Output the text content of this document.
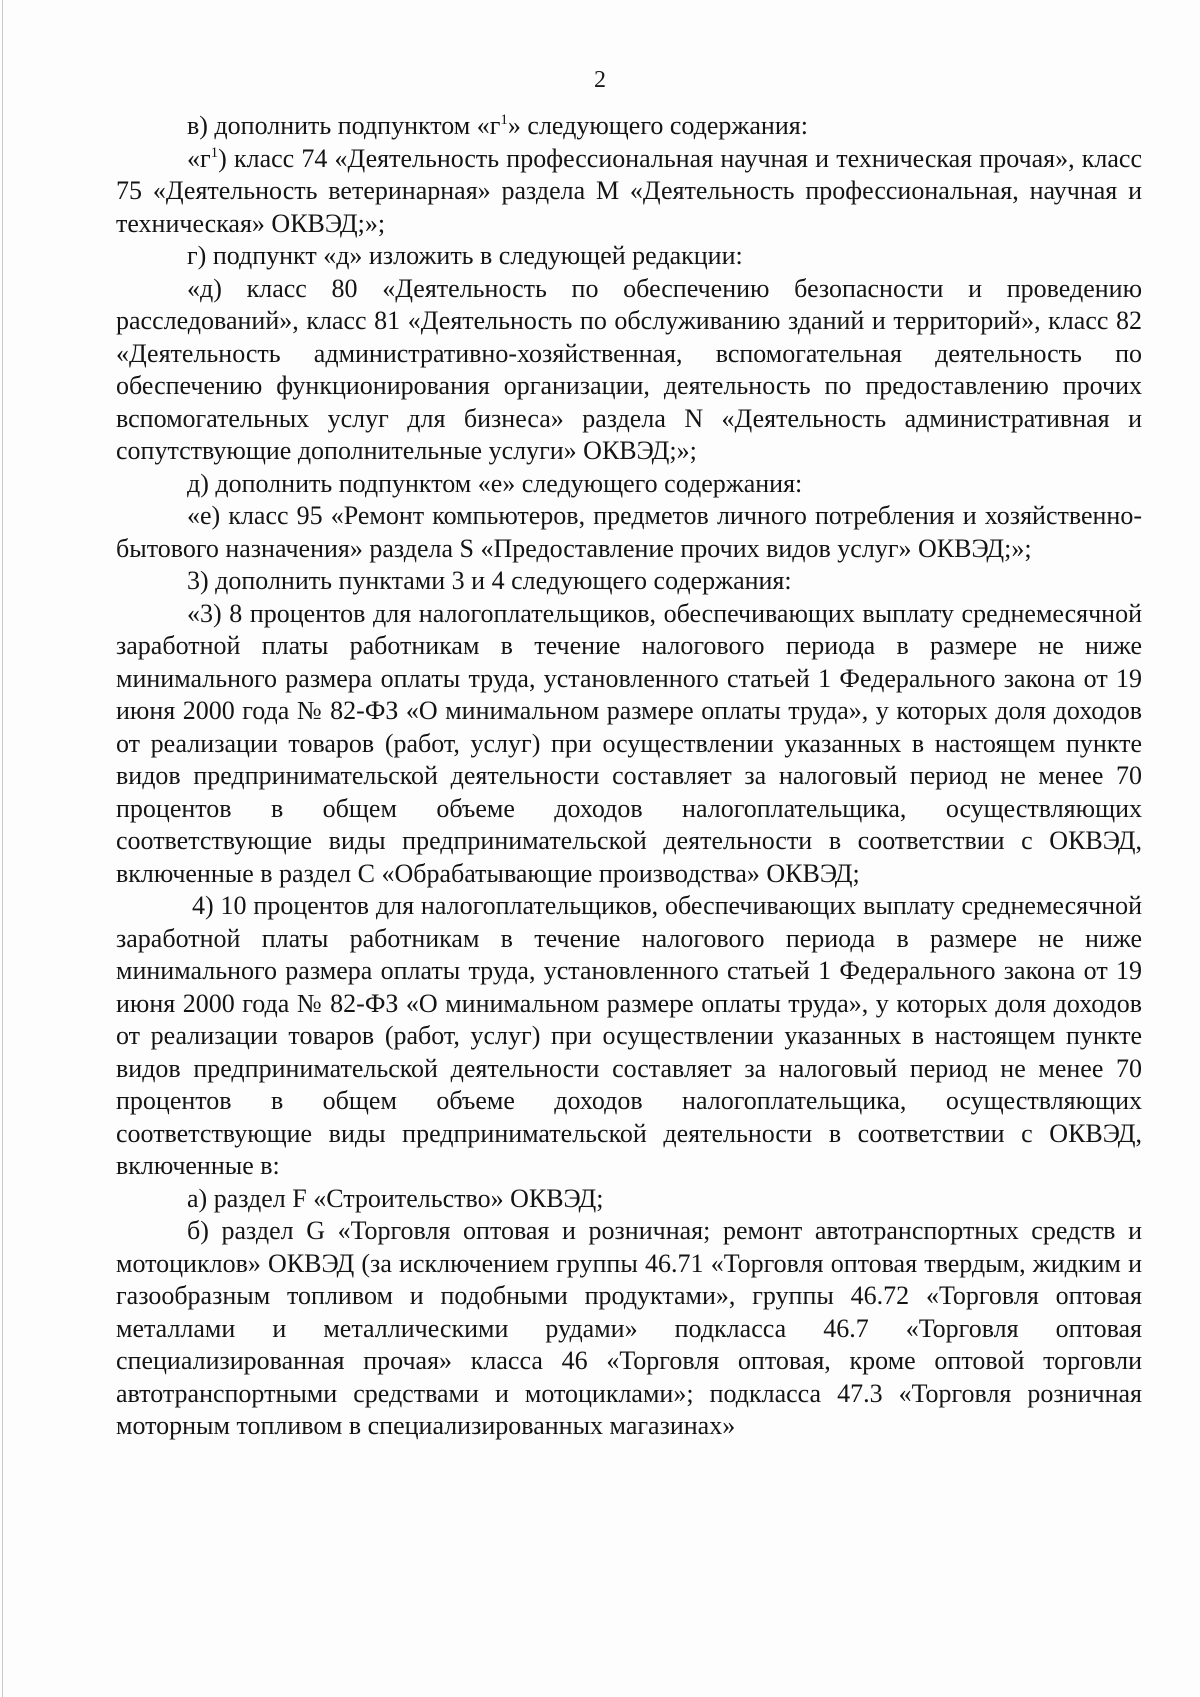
2

в) дополнить подпунктом «$г^1$» следующего содержания:

«$г^1$) класс 74 «Деятельность профессиональная научная и техническая прочая», класс 75 «Деятельность ветеринарная» раздела М «Деятельность профессиональная, научная и техническая» ОКВЭД;»;

г) подпункт «д» изложить в следующей редакции:

«д) класс 80 «Деятельность по обеспечению безопасности и проведению расследований», класс 81 «Деятельность по обслуживанию зданий и территорий», класс 82 «Деятельность административно-хозяйственная, вспомогательная деятельность по обеспечению функционирования организации, деятельность по предоставлению прочих вспомогательных услуг для бизнеса» раздела N «Деятельность административная и сопутствующие дополнительные услуги» ОКВЭД;»;

д) дополнить подпунктом «е» следующего содержания:

«е) класс 95 «Ремонт компьютеров, предметов личного потребления и хозяйственно-бытового назначения» раздела S «Предоставление прочих видов услуг» ОКВЭД;»;

3) дополнить пунктами 3 и 4 следующего содержания:

«3) 8 процентов для налогоплательщиков, обеспечивающих выплату среднемесячной заработной платы работникам в течение налогового периода в размере не ниже минимального размера оплаты труда, установленного статьей 1 Федерального закона от 19 июня 2000 года № 82-ФЗ «О минимальном размере оплаты труда», у которых доля доходов от реализации товаров (работ, услуг) при осуществлении указанных в настоящем пункте видов предпринимательской деятельности составляет за налоговый период не менее 70 процентов в общем объеме доходов налогоплательщика, осуществляющих соответствующие виды предпринимательской деятельности в соответствии с ОКВЭД, включенные в раздел С «Обрабатывающие производства» ОКВЭД;

4) 10 процентов для налогоплательщиков, обеспечивающих выплату среднемесячной заработной платы работникам в течение налогового периода в размере не ниже минимального размера оплаты труда, установленного статьей 1 Федерального закона от 19 июня 2000 года № 82-ФЗ «О минимальном размере оплаты труда», у которых доля доходов от реализации товаров (работ, услуг) при осуществлении указанных в настоящем пункте видов предпринимательской деятельности составляет за налоговый период не менее 70 процентов в общем объеме доходов налогоплательщика, осуществляющих соответствующие виды предпринимательской деятельности в соответствии с ОКВЭД, включенные в:

а) раздел F «Строительство» ОКВЭД;

б) раздел G «Торговля оптовая и розничная; ремонт автотранспортных средств и мотоциклов» ОКВЭД (за исключением группы 46.71 «Торговля оптовая твердым, жидким и газообразным топливом и подобными продуктами», группы 46.72 «Торговля оптовая металлами и металлическими рудами» подкласса 46.7 «Торговля оптовая специализированная прочая» класса 46 «Торговля оптовая, кроме оптовой торговли автотранспортными средствами и мотоциклами»; подкласса 47.3 «Торговля розничная моторным топливом в специализированных магазинах»
